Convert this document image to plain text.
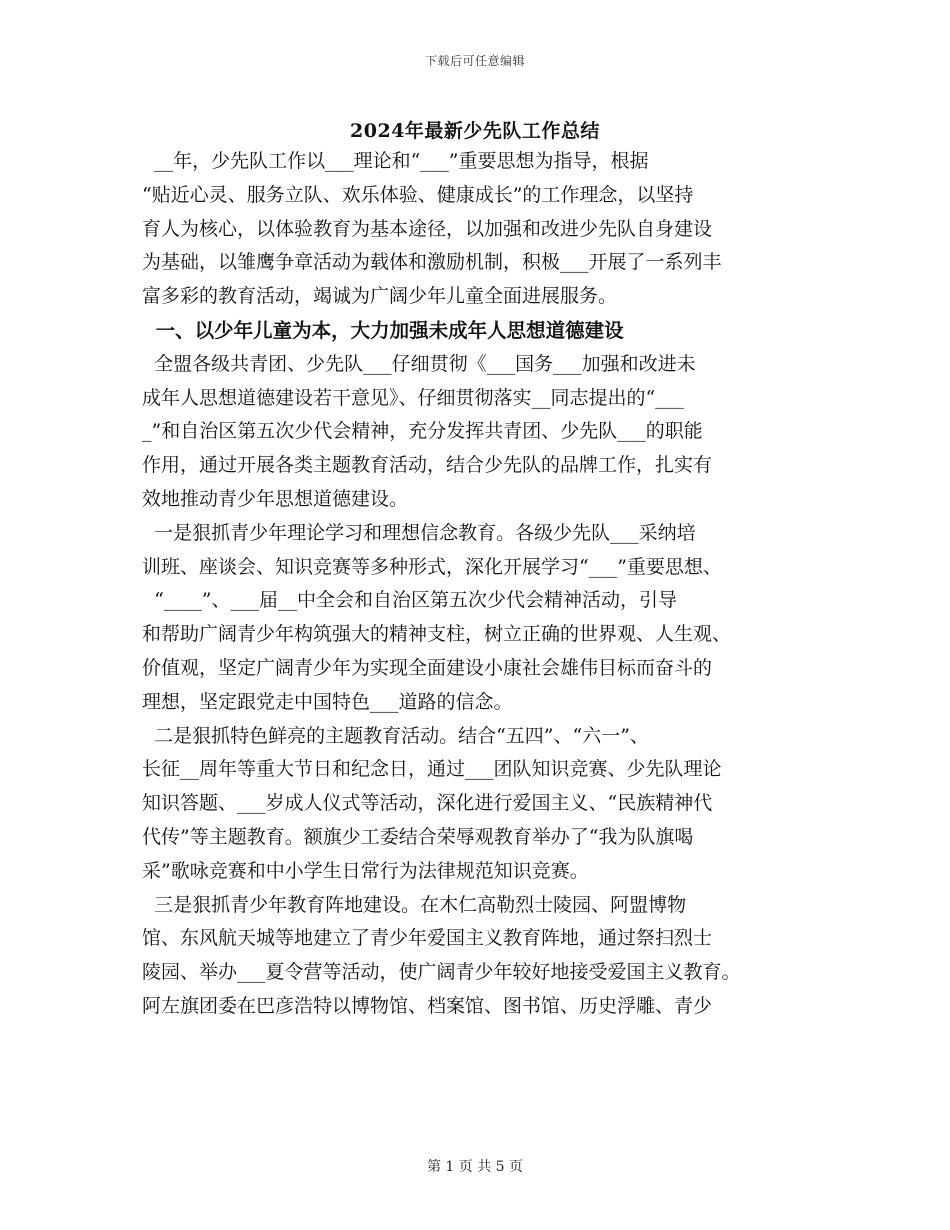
下载后可任意编辑
2024年最新少先队工作总结
__年，少先队工作以___理论和“___”重要思想为指导，根据
“贴近心灵、服务立队、欢乐体验、健康成长”的工作理念，以坚持
育人为核心，以体验教育为基本途径，以加强和改进少先队自身建设
为基础，以雏鹰争章活动为载体和激励机制，积极___开展了一系列丰
富多彩的教育活动，竭诚为广阔少年儿童全面进展服务。
一、以少年儿童为本，大力加强未成年人思想道德建设
全盟各级共青团、少先队___仔细贯彻《___国务___加强和改进未
成年人思想道德建设若干意见》、仔细贯彻落实__同志提出的“___
_”和自治区第五次少代会精神，充分发挥共青团、少先队___的职能
作用，通过开展各类主题教育活动，结合少先队的品牌工作，扎实有
效地推动青少年思想道德建设。
一是狠抓青少年理论学习和理想信念教育。各级少先队___采纳培
训班、座谈会、知识竞赛等多种形式，深化开展学习“___”重要思想、
“____”、___届__中全会和自治区第五次少代会精神活动，引导
和帮助广阔青少年构筑强大的精神支柱，树立正确的世界观、人生观、
价值观，坚定广阔青少年为实现全面建设小康社会雄伟目标而奋斗的
理想，坚定跟党走中国特色___道路的信念。
二是狠抓特色鲜亮的主题教育活动。结合“五四”、“六一”、
长征__周年等重大节日和纪念日，通过___团队知识竞赛、少先队理论
知识答题、___岁成人仪式等活动，深化进行爱国主义、“民族精神代
代传”等主题教育。额旗少工委结合荣辱观教育举办了“我为队旗喝
采”歌咏竞赛和中小学生日常行为法律规范知识竞赛。
三是狠抓青少年教育阵地建设。在木仁高勒烈士陵园、阿盟博物
馆、东风航天城等地建立了青少年爱国主义教育阵地，通过祭扫烈士
陵园、举办___夏令营等活动，使广阔青少年较好地接受爱国主义教育。
阿左旗团委在巴彦浩特以博物馆、档案馆、图书馆、历史浮雕、青少
第 1 页 共 5 页
